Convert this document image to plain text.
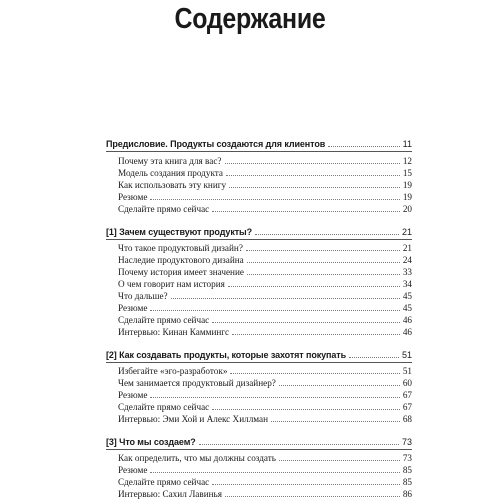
Содержание
Предисловие. Продукты создаются для клиентов	11
Почему эта книга для вас?	12
Модель создания продукта	15
Как использовать эту книгу	19
Резюме	19
Сделайте прямо сейчас	20
[1] Зачем существуют продукты?	21
Что такое продуктовый дизайн?	21
Наследие продуктового дизайна	24
Почему история имеет значение	33
О чем говорит нам история	34
Что дальше?	45
Резюме	45
Сделайте прямо сейчас	46
Интервью: Кинан Каммингс	46
[2] Как создавать продукты, которые захотят покупать	51
Избегайте «эго-разработок»	51
Чем занимается продуктовый дизайнер?	60
Резюме	67
Сделайте прямо сейчас	67
Интервью: Эми Хой и Алекс Хиллман	68
[3] Что мы создаем?	73
Как определить, что мы должны создать	73
Резюме	85
Сделайте прямо сейчас	85
Интервью: Сахил Лавинья	86
